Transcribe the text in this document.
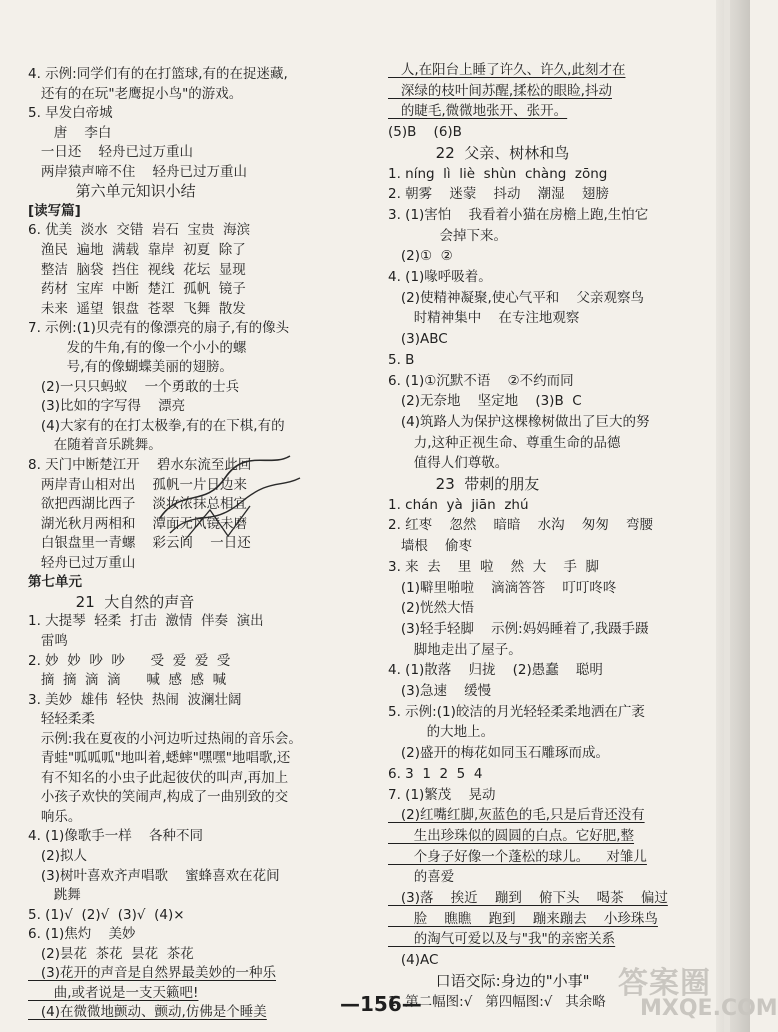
4. 示例:同学们有的在打篮球,有的在捉迷藏,
还有的在玩"老鹰捉小鸟"的游戏。
5. 早发白帝城
唐    李白
一日还    轻舟已过万重山
两岸猿声啼不住    轻舟已过万重山
第六单元知识小结
[读写篇]
6. 优美  淡水  交错  岩石  宝贵  海滨
渔民  遍地  满载  靠岸  初夏  除了
整洁  脑袋  挡住  视线  花坛  显现
药材  宝库  中断  楚江  孤帆  镜子
未来  遥望  银盘  苍翠  飞舞  散发
7. 示例:(1)贝壳有的像漂亮的扇子,有的像头
发的牛角,有的像一个小小的螺
号,有的像蝴蝶美丽的翅膀。
(2)一只只蚂蚁    一个勇敢的士兵
(3)比如的字写得    漂亮
(4)大家有的在打太极拳,有的在下棋,有的
在随着音乐跳舞。
8. 天门中断楚江开    碧水东流至此回
两岸青山相对出    孤帆一片日边来
欲把西湖比西子    淡妆浓抹总相宜
湖光秋月两相和    潭面无风镜未磨
白银盘里一青螺    彩云间    一日还
轻舟已过万重山
第七单元
21  大自然的声音
1. 大提琴  轻柔  打击  激情  伴奏  演出
雷鸣
2. 妙  妙  吵  吵      受  爱  爱  受
摘  摘  滴  滴      喊  感  感  喊
3. 美妙  雄伟  轻快  热闹  波澜壮阔
轻轻柔柔
示例:我在夏夜的小河边听过热闹的音乐会。
青蛙"呱呱呱"地叫着,蟋蟀"嘿嘿"地唱歌,还
有不知名的小虫子此起彼伏的叫声,再加上
小孩子欢快的笑闹声,构成了一曲别致的交
响乐。
4. (1)像歌手一样    各种不同
(2)拟人
(3)树叶喜欢齐声唱歌    蜜蜂喜欢在花间
跳舞
5. (1)√  (2)√  (3)√  (4)×
6. (1)焦灼    美妙
(2)昙花  茶花  昙花  茶花
(3)花开的声音是自然界最美妙的一种乐
曲,或者说是一支天籁吧!
(4)在微微地颤动、颤动,仿佛是个睡美
人,在阳台上睡了许久、许久,此刻才在
深绿的枝叶间苏醒,揉松的眼睑,抖动
的睫毛,微微地张开、张开。
(5)B    (6)B
22  父亲、树林和鸟
1. níng  lì  liè  shùn  chàng  zōng
2. 朝雾    迷蒙    抖动    潮湿    翅膀
3. (1)害怕    我看着小猫在房檐上跑,生怕它
会掉下来。
(2)①  ②
4. (1)喙呼吸着。
(2)使精神凝聚,使心气平和    父亲观察鸟
时精神集中    在专注地观察
(3)ABC
5. B
6. (1)①沉默不语    ②不约而同
(2)无奈地    坚定地    (3)B  C
(4)筑路人为保护这棵橡树做出了巨大的努
力,这种正视生命、尊重生命的品德
值得人们尊敬。
23  带刺的朋友
1. chán  yà  jiān  zhú
2. 红枣    忽然    暗暗    水沟    匆匆    弯腰
墙根    偷枣
3. 来  去    里  啦    然  大    手  脚
(1)噼里啪啦    滴滴答答    叮叮咚咚
(2)恍然大悟
(3)轻手轻脚    示例:妈妈睡着了,我蹑手蹑
脚地走出了屋子。
4. (1)散落    归拢    (2)愚蠢    聪明
(3)急速    缓慢
5. 示例:(1)皎洁的月光轻轻柔柔地洒在广袤
的大地上。
(2)盛开的梅花如同玉石雕琢而成。
6. 3  1  2  5  4
7. (1)繁茂    晃动
(2)红嘴红脚,灰蓝色的毛,只是后背还没有
生出珍珠似的圆圆的白点。它好肥,整
个身子好像一个蓬松的球儿。    对雏儿
的喜爱
(3)落    挨近    蹦到    俯下头    喝茶    偏过
脸    瞧瞧    跑到    蹦来蹦去    小珍珠鸟
的淘气可爱以及与"我"的亲密关系
(4)AC
口语交际:身边的"小事"
1. 第二幅图:√   第四幅图:√   其余略
—156—
答案圈
MXQE.COM
